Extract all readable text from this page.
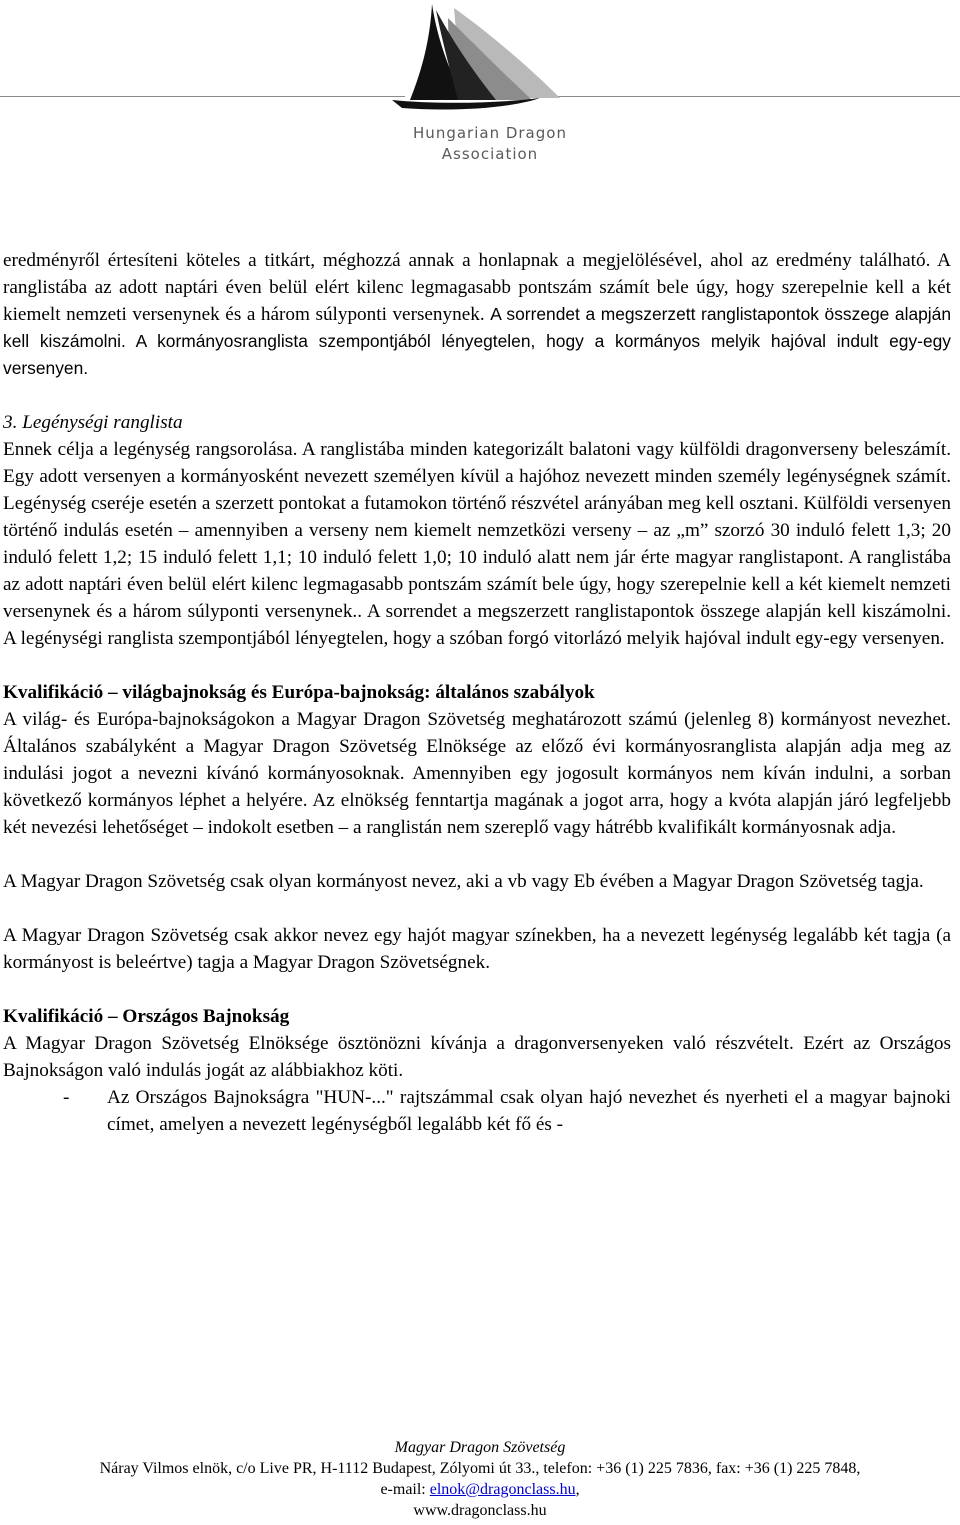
Hungarian Dragon
Association

eredményről értesíteni köteles a titkárt, méghozzá annak a honlapnak a megjelölésével, ahol az eredmény található. A ranglistába az adott naptári éven belül elért kilenc legmagasabb pontszám számít bele úgy, hogy szerepelnie kell a két kiemelt nemzeti versenynek és a három súlyponti versenynek. A sorrendet a megszerzett ranglistapontok összege alapján kell kiszámolni. A kormányosranglista szempontjából lényegtelen, hogy a kormányos melyik hajóval indult egy-egy versenyen.

3. Legénységi ranglista

Ennek célja a legénység rangsorolása. A ranglistába minden kategorizált balatoni vagy külföldi dragonverseny beleszámít. Egy adott versenyen a kormányosként nevezett személyen kívül a hajóhoz nevezett minden személy legénységnek számít. Legénység cseréje esetén a szerzett pontokat a futamokon történő részvétel arányában meg kell osztani. Külföldi versenyen történő indulás esetén – amennyiben a verseny nem kiemelt nemzetközi verseny – az „m” szorzó 30 induló felett 1,3; 20 induló felett 1,2; 15 induló felett 1,1; 10 induló felett 1,0; 10 induló alatt nem jár érte magyar ranglistapont. A ranglistába az adott naptári éven belül elért kilenc legmagasabb pontszám számít bele úgy, hogy szerepelnie kell a két kiemelt nemzeti versenynek és a három súlyponti versenynek.. A sorrendet a megszerzett ranglistapontok összege alapján kell kiszámolni. A legénységi ranglista szempontjából lényegtelen, hogy a szóban forgó vitorlázó melyik hajóval indult egy-egy versenyen.

Kvalifikáció – világbajnokság és Európa-bajnokság: általános szabályok

A világ- és Európa-bajnokságokon a Magyar Dragon Szövetség meghatározott számú (jelenleg 8) kormányost nevezhet. Általános szabályként a Magyar Dragon Szövetség Elnöksége az előző évi kormányosranglista alapján adja meg az indulási jogot a nevezni kívánó kormányosoknak. Amennyiben egy jogosult kormányos nem kíván indulni, a sorban következő kormányos léphet a helyére. Az elnökség fenntartja magának a jogot arra, hogy a kvóta alapján járó legfeljebb két nevezési lehetőséget – indokolt esetben – a ranglistán nem szereplő vagy hátrébb kvalifikált kormányosnak adja.

A Magyar Dragon Szövetség csak olyan kormányost nevez, aki a vb vagy Eb évében a Magyar Dragon Szövetség tagja.

A Magyar Dragon Szövetség csak akkor nevez egy hajót magyar színekben, ha a nevezett legénység legalább két tagja (a kormányost is beleértve) tagja a Magyar Dragon Szövetségnek.

Kvalifikáció – Országos Bajnokság

A Magyar Dragon Szövetség Elnöksége ösztönözni kívánja a dragonversenyeken való részvételt. Ezért az Országos Bajnokságon való indulás jogát az alábbiakhoz köti.

- Az Országos Bajnokságra "HUN-..." rajtszámmal csak olyan hajó nevezhet és nyerheti el a magyar bajnoki címet, amelyen a nevezett legénységből legalább két fő és -
Magyar Dragon Szövetség
Náray Vilmos elnök, c/o Live PR, H-1112 Budapest, Zólyomi út 33., telefon: +36 (1) 225 7836, fax: +36 (1) 225 7848,
e-mail: elnok@dragonclass.hu,
www.dragonclass.hu
